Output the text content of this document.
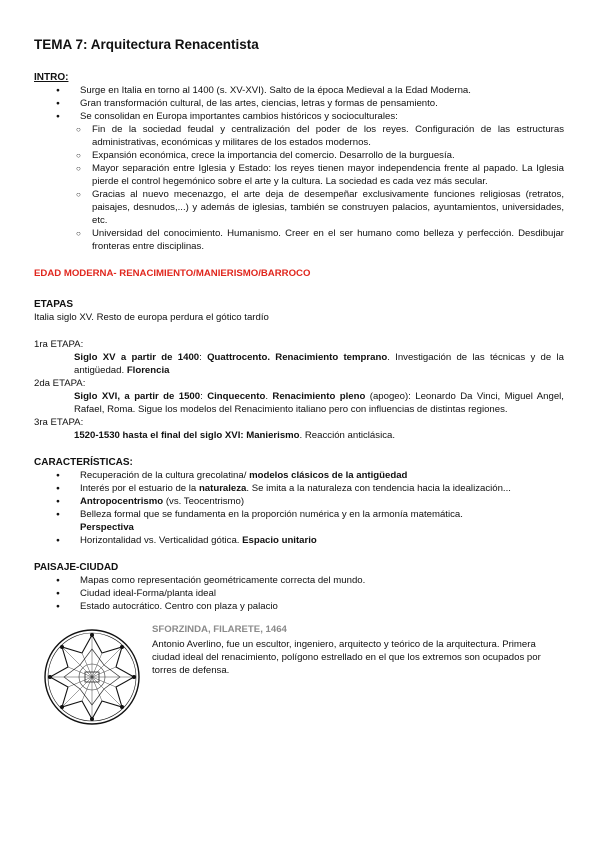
TEMA 7: Arquitectura Renacentista

INTRO:

● Surge en Italia en torno al 1400 (s. XV-XVI). Salto de la época Medieval a la Edad Moderna.
● Gran transformación cultural, de las artes, ciencias, letras y formas de pensamiento.
● Se consolidan en Europa importantes cambios históricos y socioculturales:
○ Fin de la sociedad feudal y centralización del poder de los reyes. Configuración de las estructuras administrativas, económicas y militares de los estados modernos.
○ Expansión económica, crece la importancia del comercio. Desarrollo de la burguesía.
○ Mayor separación entre Iglesia y Estado: los reyes tienen mayor independencia frente al papado. La Iglesia pierde el control hegemónico sobre el arte y la cultura. La sociedad es cada vez más secular.
○ Gracias al nuevo mecenazgo, el arte deja de desempeñar exclusivamente funciones religiosas (retratos, paisajes, desnudos,...) y además de iglesias, también se construyen palacios, ayuntamientos, universidades, etc.
○ Universidad del conocimiento. Humanismo. Creer en el ser humano como belleza y perfección. Desdibujar fronteras entre disciplinas.

EDAD MODERNA- RENACIMIENTO/MANIERISMO/BARROCO

ETAPAS

Italia siglo XV. Resto de europa perdura el gótico tardío

1ra ETAPA:

Siglo XV a partir de 1400: Quattrocento. Renacimiento temprano. Investigación de las técnicas y de la antigüedad. Florencia

2da ETAPA:

Siglo XVI, a partir de 1500: Cinquecento. Renacimiento pleno (apogeo): Leonardo Da Vinci, Miguel Angel, Rafael, Roma. Sigue los modelos del Renacimiento italiano pero con influencias de distintas regiones.

3ra ETAPA:

1520-1530 hasta el final del siglo XVI: Manierismo. Reacción anticlásica.

CARACTERÍSTICAS:

● Recuperación de la cultura grecolatina/ modelos clásicos de la antigüedad
● Interés por el estuario de la naturaleza. Se imita a la naturaleza con tendencia hacia la idealización...
● Antropocentrismo (vs. Teocentrismo)
● Belleza formal que se fundamenta en la proporción numérica y en la armonía matemática.
Perspectiva
● Horizontalidad vs. Verticalidad gótica. Espacio unitario

PAISAJE-CIUDAD

● Mapas como representación geométricamente correcta del mundo.
● Ciudad ideal-Forma/planta ideal
● Estado autocrático. Centro con plaza y palacio

SFORZINDA, FILARETE, 1464

Antonio Averlino, fue un escultor, ingeniero, arquitecto y teórico de la arquitectura. Primera ciudad ideal del renacimiento, polígono estrellado en el que los extremos son ocupados por torres de defensa.
